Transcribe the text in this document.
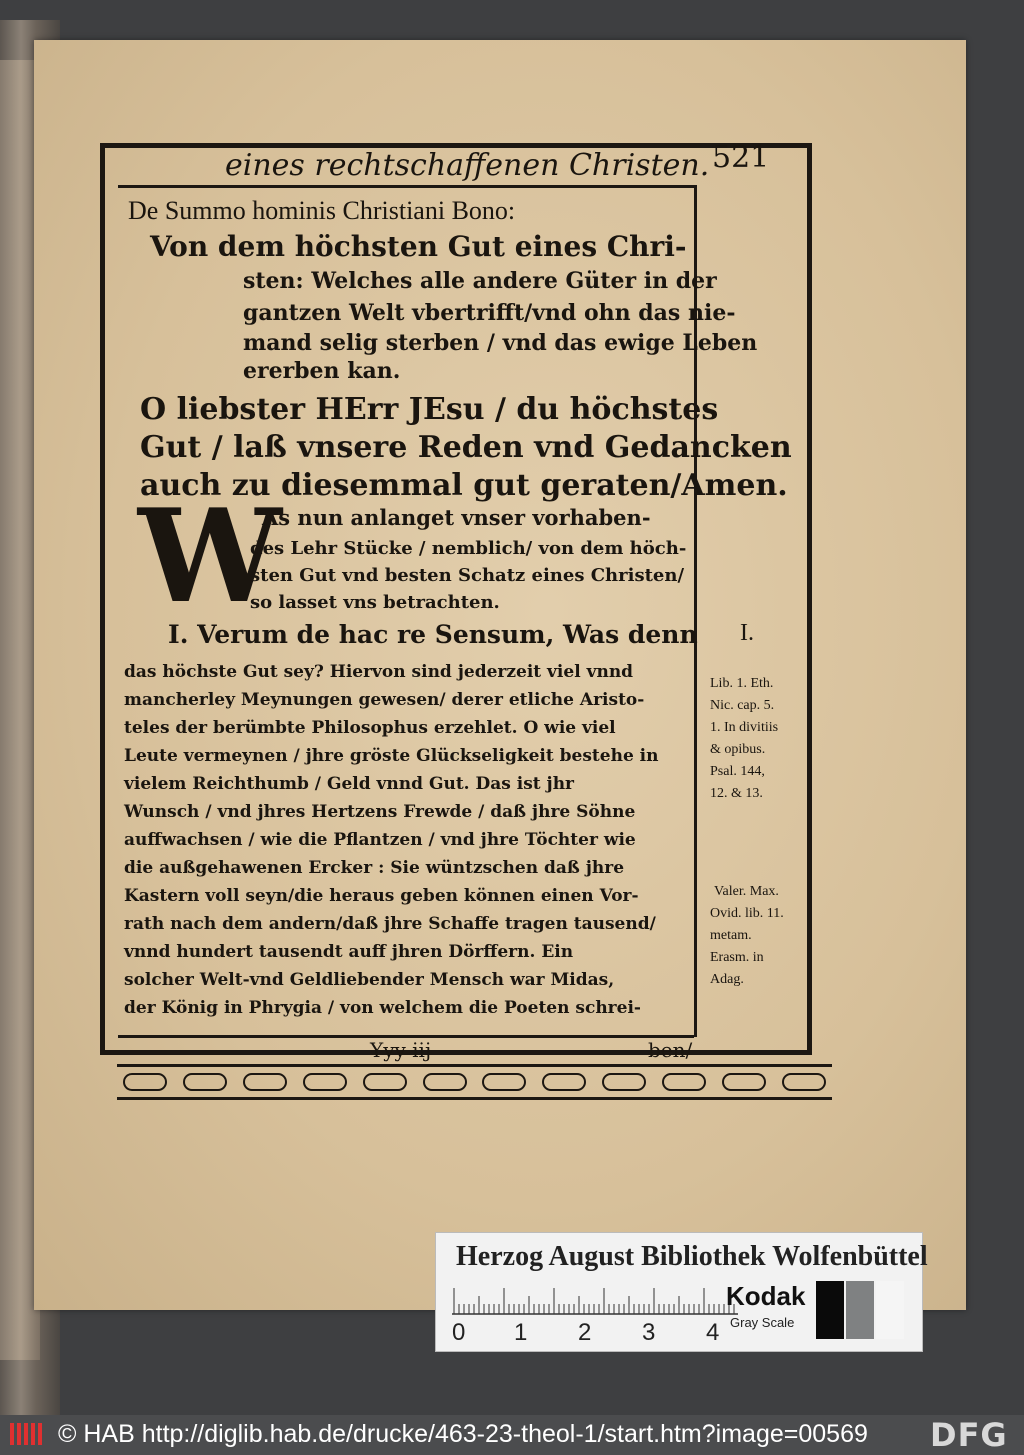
eines rechtschaffenen Christen. 521
De Summo hominis Christiani Bono:
Von dem höchsten Gut eines Chri-
sten: Welches alle andere Güter in der
gantzen Welt vbertrifft/vnd ohn das nie-
mand selig sterben / vnd das ewige Leben
ererben kan.
O liebster HErr JEsu / du höchstes
Gut / laß vnsere Reden vnd Gedancken
auch zu diesemmal gut geraten/Amen.
W
As nun anlanget vnser vorhaben-
des Lehr Stücke / nemblich/ von dem höch-
sten Gut vnd besten Schatz eines Christen/
so lasset vns betrachten.
I. Verum de hac re Sensum, Was denn
das höchste Gut sey? Hiervon sind jederzeit viel vnnd
mancherley Meynungen gewesen/ derer etliche Aristo-
teles der berümbte Philosophus erzehlet. O wie viel
Leute vermeynen / jhre gröste Glückseligkeit bestehe in
vielem Reichthumb / Geld vnnd Gut. Das ist jhr
Wunsch / vnd jhres Hertzens Frewde / daß jhre Söhne
auffwachsen / wie die Pflantzen / vnd jhre Töchter wie
die außgehawenen Ercker : Sie wüntzschen daß jhre
Kastern voll seyn/die heraus geben können einen Vor-
rath nach dem andern/daß jhre Schaffe tragen tausend/
vnnd hundert tausendt auff jhren Dörffern. Ein
solcher Welt-vnd Geldliebender Mensch war Midas,
der König in Phrygia / von welchem die Poeten schrei-
Yyy iij	ben/
I.
Lib. 1. Eth.
Nic. cap. 5.
1. In divitiis
& opibus.
Psal. 144,
12. & 13.
Valer. Max.
Ovid. lib. 11.
metam.
Erasm. in
Adag.
Herzog August Bibliothek Wolfenbüttel
0 1 2 3 4
Kodak
Gray Scale
© HAB http://diglib.hab.de/drucke/463-23-theol-1/start.htm?image=00569 DFG
